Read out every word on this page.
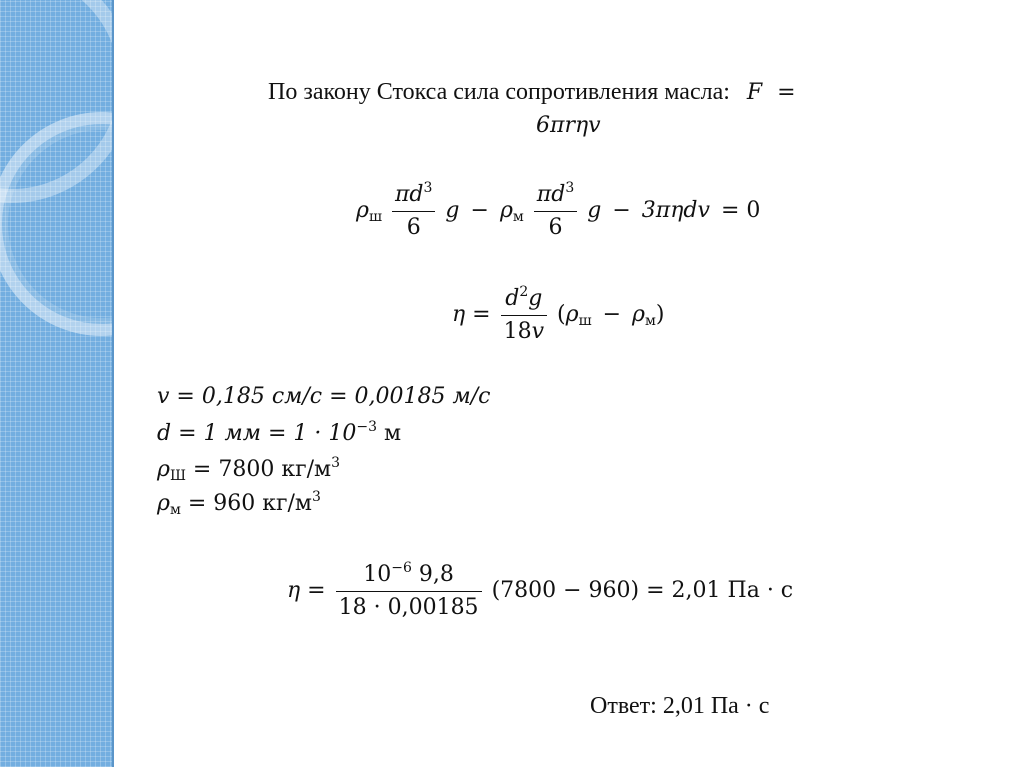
По закону Стокса сила сопротивления масла: F =
6πrηv
$\rho_ш \frac{\pi d^3}{6}$ $g - \rho_м \frac{\pi d^3}{6}$ g − 3πηdv = 0
$\eta = \frac{d^2g}{18v} (\rho_ш - \rho_м)$
v = 0,185 см/с = 0,00185 м/с
d = 1 мм = $1 \cdot 10^{-3}$ м
$\rho_Ш = 7800$ $кг/м^3$
$\rho_м = 960$ $кг/м^3$
$\eta = \frac{10^{-6} 9,8}{18 \cdot 0,00185} (7800 - 960) = 2,01$ Па · с
Ответ: 2,01 Па · с
